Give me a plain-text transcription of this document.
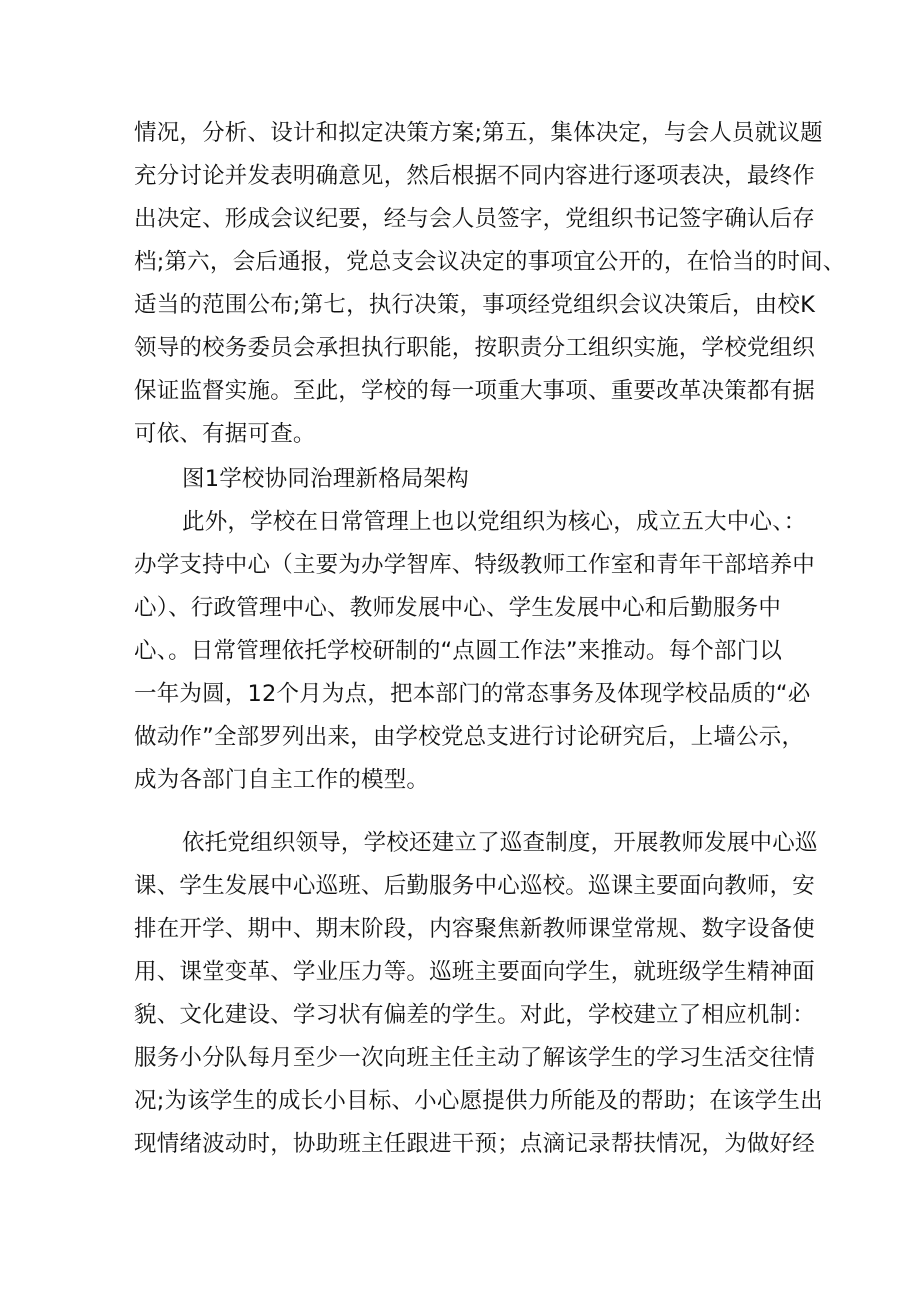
情况，分析、设计和拟定决策方案;第五，集体决定，与会人员就议题
充分讨论并发表明确意见，然后根据不同内容进行逐项表决，最终作
出决定、形成会议纪要，经与会人员签字，党组织书记签字确认后存
档;第六，会后通报，党总支会议决定的事项宜公开的，在恰当的时间、
适当的范围公布;第七，执行决策，事项经党组织会议决策后，由校K
领导的校务委员会承担执行职能，按职责分工组织实施，学校党组织
保证监督实施。至此，学校的每一项重大事项、重要改革决策都有据
可依、有据可查。
图1学校协同治理新格局架构
此外，学校在日常管理上也以党组织为核心，成立五大中心、：
办学支持中心（主要为办学智库、特级教师工作室和青年干部培养中
心）、行政管理中心、教师发展中心、学生发展中心和后勤服务中
心、。日常管理依托学校研制的“点圆工作法”来推动。每个部门以
一年为圆，12个月为点，把本部门的常态事务及体现学校品质的“必
做动作”全部罗列出来，由学校党总支进行讨论研究后，上墙公示，
成为各部门自主工作的模型。
依托党组织领导，学校还建立了巡查制度，开展教师发展中心巡
课、学生发展中心巡班、后勤服务中心巡校。巡课主要面向教师，安
排在开学、期中、期末阶段，内容聚焦新教师课堂常规、数字设备使
用、课堂变革、学业压力等。巡班主要面向学生，就班级学生精神面
貌、文化建设、学习状有偏差的学生。对此，学校建立了相应机制：
服务小分队每月至少一次向班主任主动了解该学生的学习生活交往情
况;为该学生的成长小目标、小心愿提供力所能及的帮助；在该学生出
现情绪波动时，协助班主任跟进干预；点滴记录帮扶情况，为做好经
